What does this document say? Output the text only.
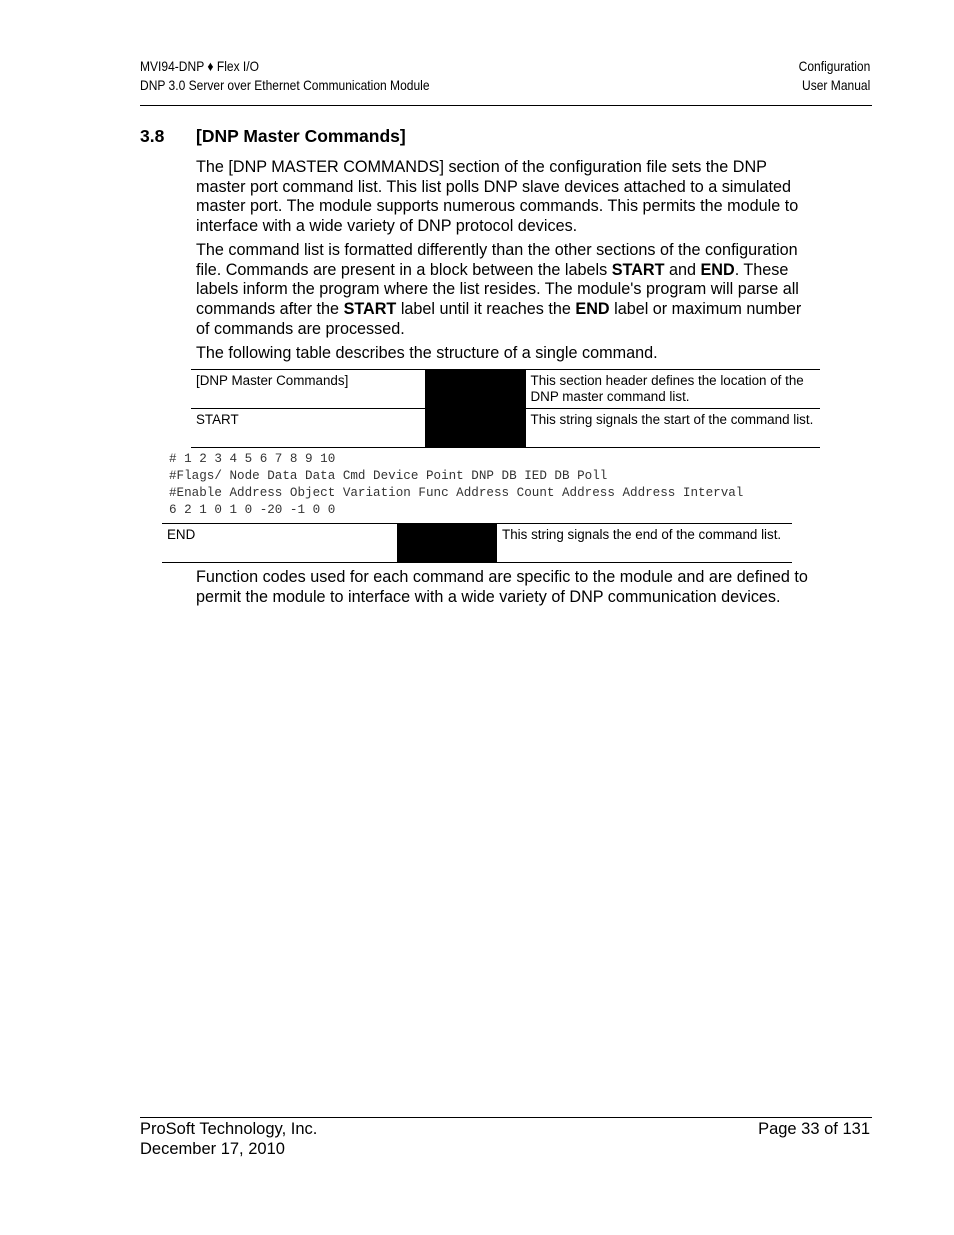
MVI94-DNP ♦ Flex I/O
DNP 3.0 Server over Ethernet Communication Module
Configuration
User Manual
3.8 [DNP Master Commands]

The [DNP MASTER COMMANDS] section of the configuration file sets the DNP master port command list. This list polls DNP slave devices attached to a simulated master port. The module supports numerous commands. This permits the module to interface with a wide variety of DNP protocol devices.

The command list is formatted differently than the other sections of the configuration file. Commands are present in a block between the labels START and END. These labels inform the program where the list resides. The module's program will parse all commands after the START label until it reaches the END label or maximum number of commands are processed.

The following table describes the structure of a single command.

[DNP Master Commands]		This section header defines the location of the DNP master command list.
START		This string signals the start of the command list.
# 1 2 3 4 5 6 7 8 9 10
#Flags/ Node Data Data Cmd Device Point DNP DB IED DB Poll
#Enable Address Object Variation Func Address Count Address Address Interval
6 2 1 0 1 0 -20 -1 0 0
END		This string signals the end of the command list.

Function codes used for each command are specific to the module and are defined to permit the module to interface with a wide variety of DNP communication devices.

ProSoft Technology, Inc.
December 17, 2010
Page 33 of 131
